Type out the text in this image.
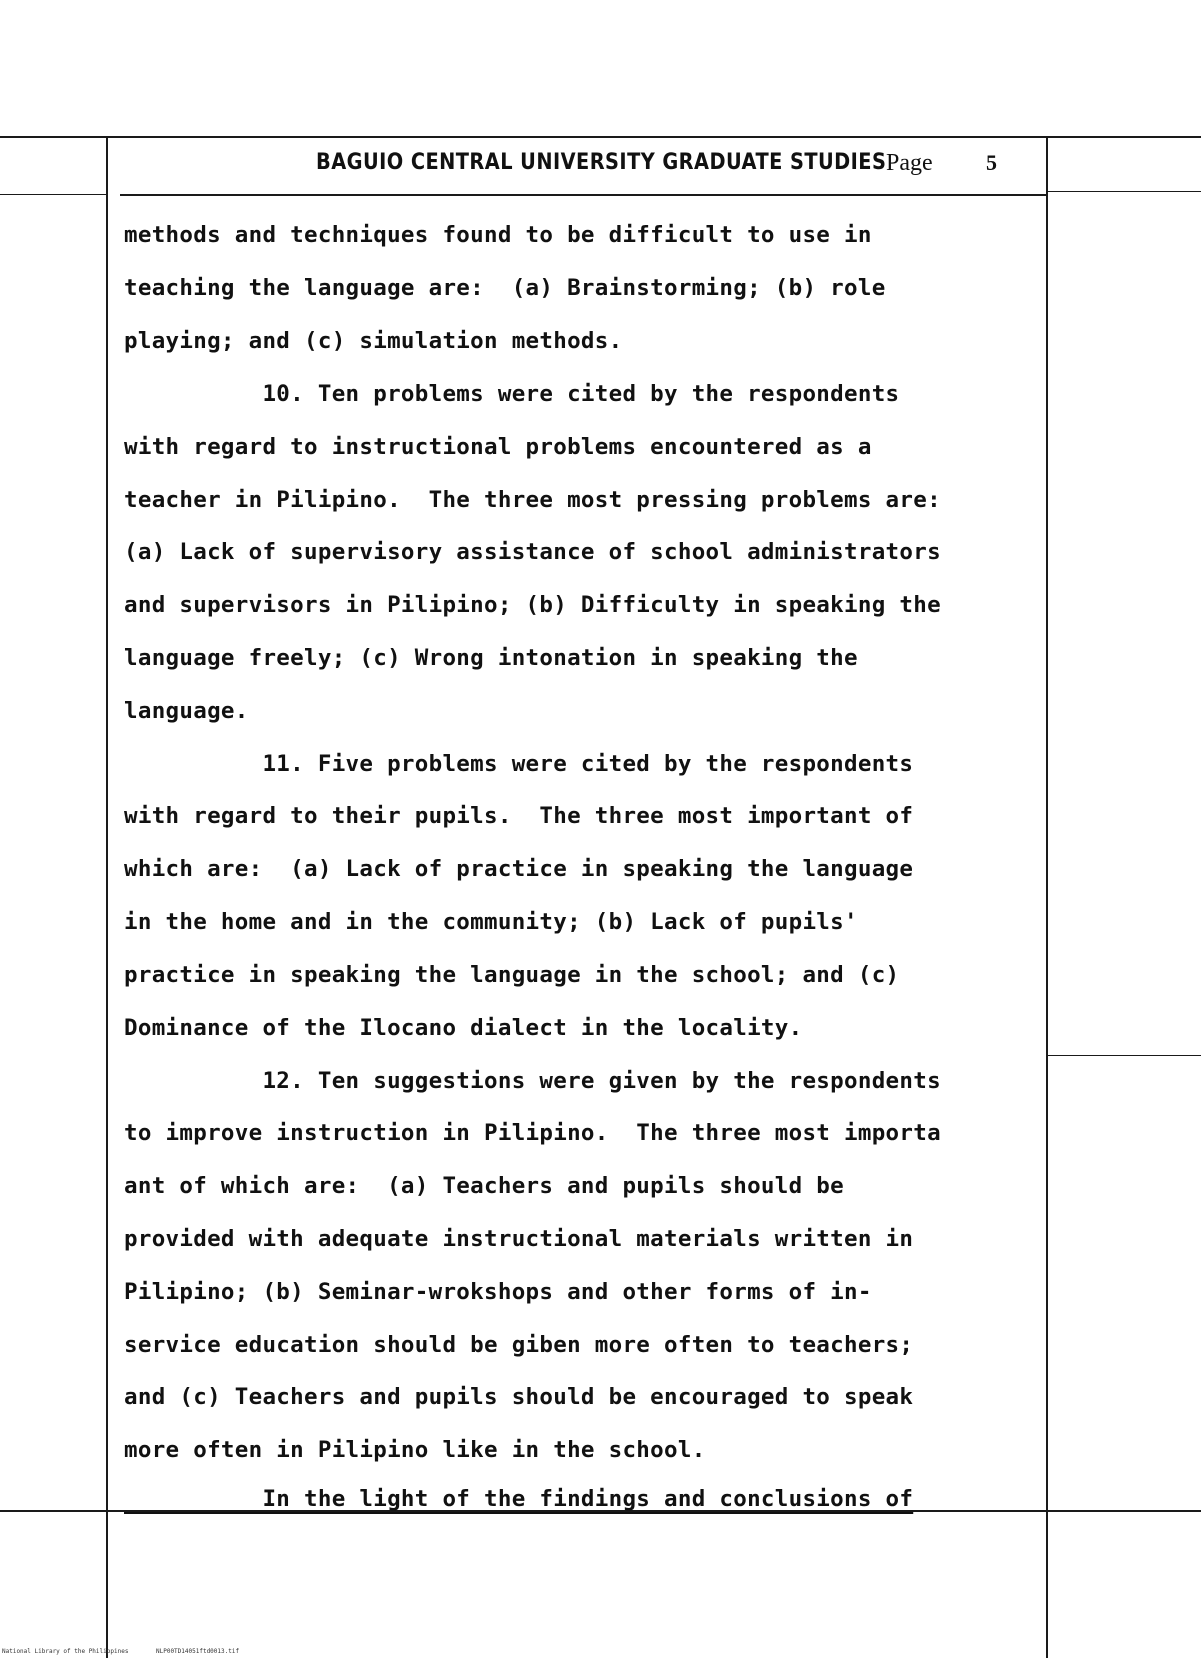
BAGUIO CENTRAL UNIVERSITY GRADUATE STUDIES Page 5
methods and techniques found to be difficult to use in
teaching the language are:  (a) Brainstorming; (b) role
playing; and (c) simulation methods.
10. Ten problems were cited by the respondents
with regard to instructional problems encountered as a
teacher in Pilipino.  The three most pressing problems are:
(a) Lack of supervisory assistance of school administrators
and supervisors in Pilipino; (b) Difficulty in speaking the
language freely; (c) Wrong intonation in speaking the
language.
11. Five problems were cited by the respondents
with regard to their pupils.  The three most important of
which are:  (a) Lack of practice in speaking the language
in the home and in the community; (b) Lack of pupils'
practice in speaking the language in the school; and (c)
Dominance of the Ilocano dialect in the locality.
12. Ten suggestions were given by the respondents
to improve instruction in Pilipino.  The three most importa
ant of which are:  (a) Teachers and pupils should be
provided with adequate instructional materials written in
Pilipino; (b) Seminar-wrokshops and other forms of in-
service education should be giben more often to teachers;
and (c) Teachers and pupils should be encouraged to speak
more often in Pilipino like in the school.
In the light of the findings and conclusions of
National Library of the Philippines	NLP00TD14051ftd0013.tif
